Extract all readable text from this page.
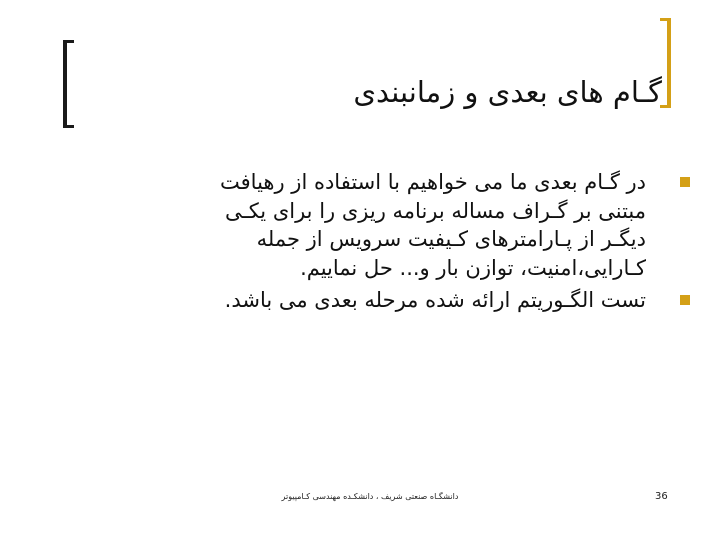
گـام های بعدی و زمانبندی
در گـام بعدی ما می خواهیم با استفاده از رهیافت
مبتنی بر گـراف مساله برنامه ریزی را برای یکـی
دیگـر از پـارامترهای کـیفیت سرویس از جمله
کـارایی،امنیت، توازن بار و... حل نماییم.
تست الگـوریتم ارائه شده مرحله بعدی می باشد.
دانشگـاه صنعتی شریف ، دانشکـده مهندسی کـامپیوتر	36
